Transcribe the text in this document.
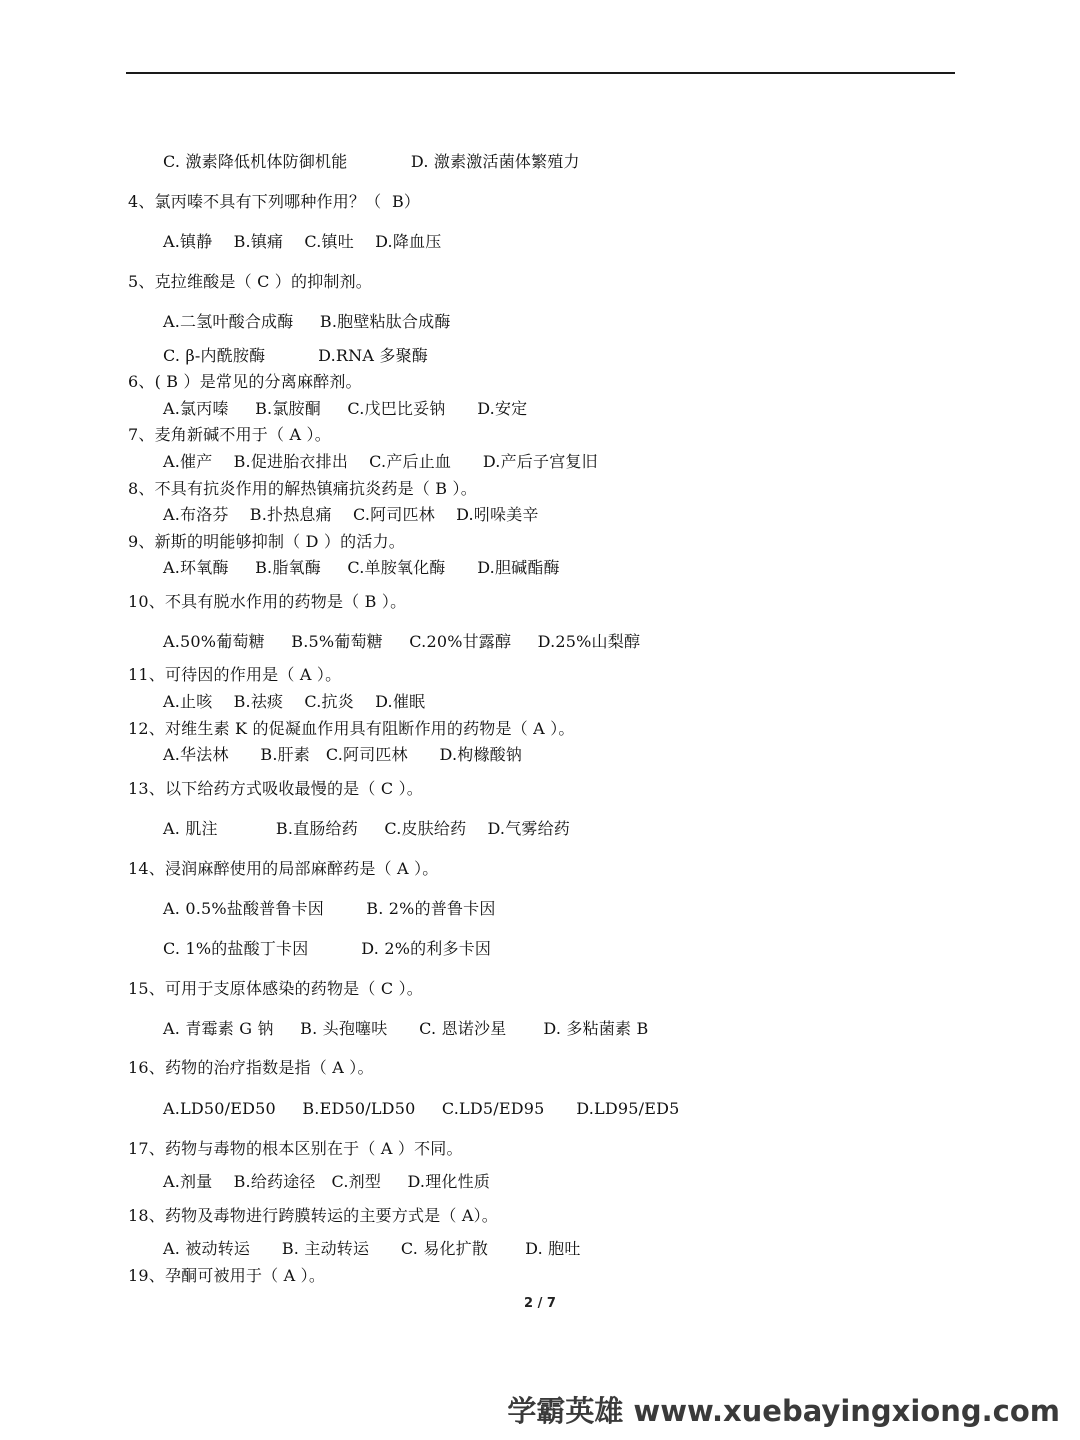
C. 激素降低机体防御机能            D. 激素激活菌体繁殖力
4、氯丙嗪不具有下列哪种作用？（  B）
A.镇静    B.镇痛    C.镇吐    D.降血压
5、克拉维酸是（ C ）的抑制剂。
A.二氢叶酸合成酶     B.胞壁粘肽合成酶
C. β-内酰胺酶          D.RNA 多聚酶
6、( B ）是常见的分离麻醉剂。
A.氯丙嗪     B.氯胺酮     C.戊巴比妥钠      D.安定
7、麦角新碱不用于（ A ）。
A.催产    B.促进胎衣排出    C.产后止血      D.产后子宫复旧
8、不具有抗炎作用的解热镇痛抗炎药是（ B ）。
A.布洛芬    B.扑热息痛    C.阿司匹林    D.吲哚美辛
9、新斯的明能够抑制（ D ）的活力。
A.环氧酶     B.脂氧酶     C.单胺氧化酶      D.胆碱酯酶
10、不具有脱水作用的药物是（ B ）。
A.50%葡萄糖     B.5%葡萄糖     C.20%甘露醇     D.25%山梨醇
11、可待因的作用是（ A ）。
A.止咳    B.祛痰    C.抗炎    D.催眠
12、对维生素 K 的促凝血作用具有阻断作用的药物是（ A ）。
A.华法林      B.肝素   C.阿司匹林      D.枸橼酸钠
13、以下给药方式吸收最慢的是（ C ）。
A. 肌注           B.直肠给药     C.皮肤给药    D.气雾给药
14、浸润麻醉使用的局部麻醉药是（ A ）。
A. 0.5%盐酸普鲁卡因        B. 2%的普鲁卡因
C. 1%的盐酸丁卡因          D. 2%的利多卡因
15、可用于支原体感染的药物是（ C ）。
A. 青霉素 G 钠     B. 头孢噻呋      C. 恩诺沙星       D. 多粘菌素 B
16、药物的治疗指数是指（ A ）。
A.LD50/ED50     B.ED50/LD50     C.LD5/ED95      D.LD95/ED5
17、药物与毒物的根本区别在于（ A ）不同。
A.剂量    B.给药途径   C.剂型     D.理化性质
18、药物及毒物进行跨膜转运的主要方式是（ A）。
A. 被动转运      B. 主动转运      C. 易化扩散       D. 胞吐
19、孕酮可被用于（ A ）。
2 / 7
学霸英雄 www.xuebayingxiong.com
